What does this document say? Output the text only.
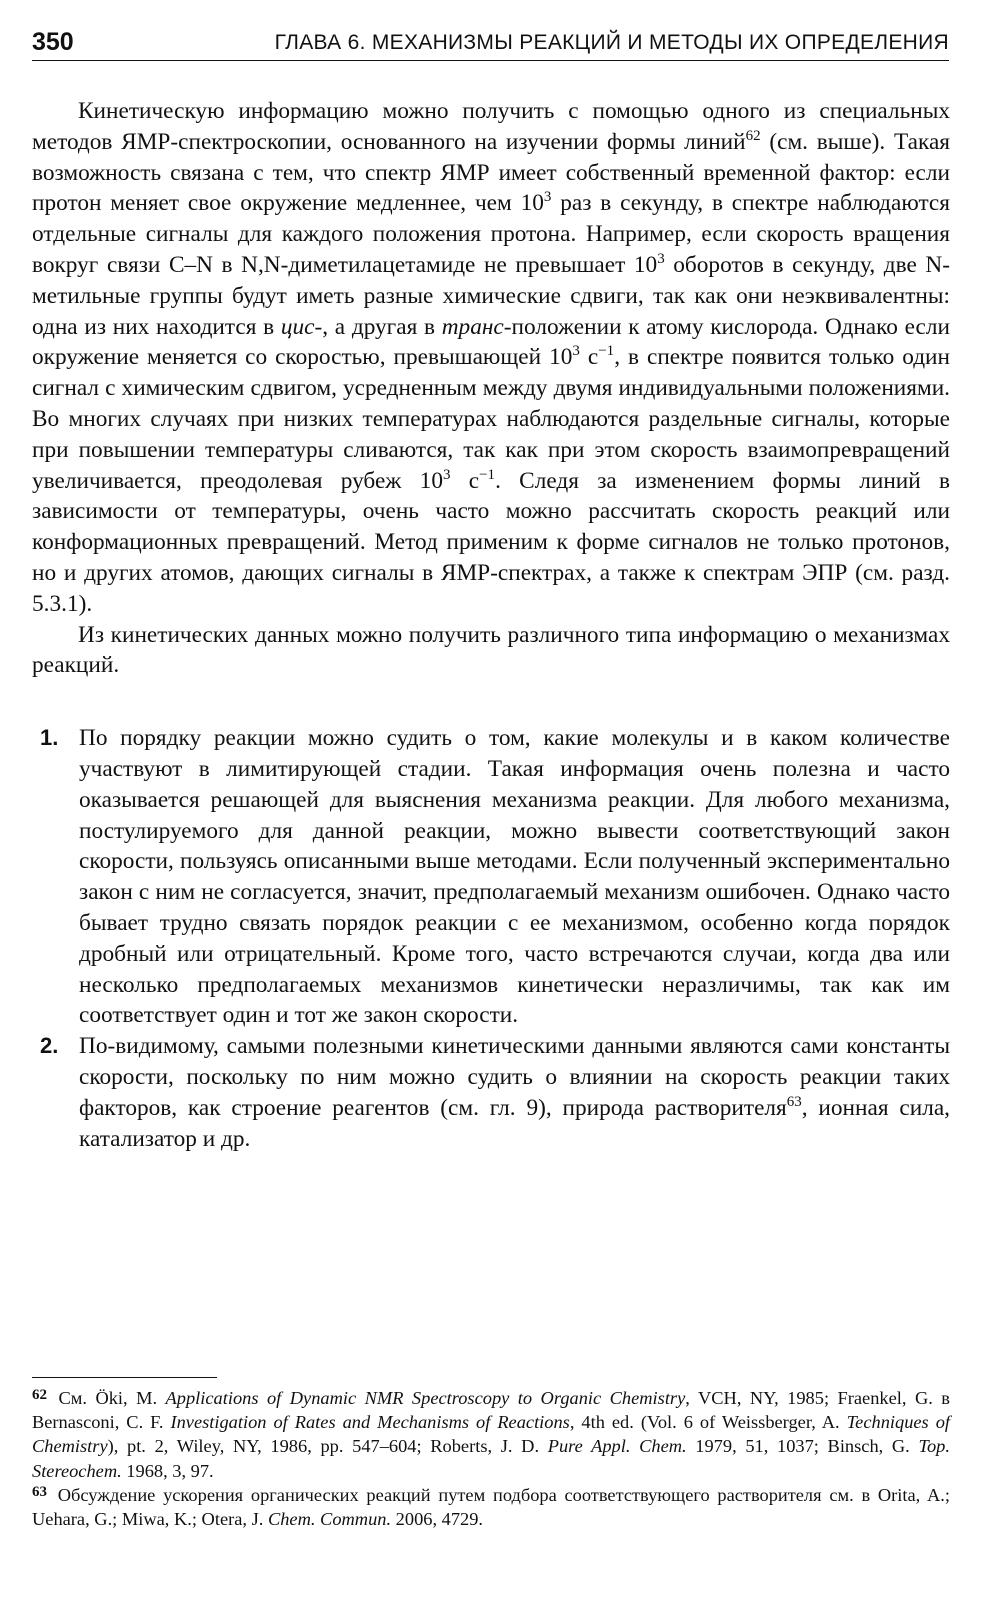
350	ГЛАВА 6. МЕХАНИЗМЫ РЕАКЦИЙ И МЕТОДЫ ИХ ОПРЕДЕЛЕНИЯ

Кинетическую информацию можно получить с помощью одного из специальных методов ЯМР-спектроскопии, основанного на изучении формы линий$^{62}$ (см. выше). Такая возможность связана с тем, что спектр ЯМР имеет собственный временной фактор: если протон меняет свое окружение медленнее, чем $10^3$ раз в секунду, в спектре наблюдаются отдельные сигналы для каждого положения протона. Например, если скорость вращения вокруг связи C–N в N,N-диметилацетамиде не превышает $10^3$ оборотов в секунду, две N-метильные группы будут иметь разные химические сдвиги, так как они неэквивалентны: одна из них находится в цис-, а другая в транс-положении к атому кислорода. Однако если окружение меняется со скоростью, превышающей $10^3$ $с^{-1}$, в спектре появится только один сигнал с химическим сдвигом, усредненным между двумя индивидуальными положениями. Во многих случаях при низких температурах наблюдаются раздельные сигналы, которые при повышении температуры сливаются, так как при этом скорость взаимопревращений увеличивается, преодолевая рубеж $10^3$ $с^{-1}$. Следя за изменением формы линий в зависимости от температуры, очень часто можно рассчитать скорость реакций или конформационных превращений. Метод применим к форме сигналов не только протонов, но и других атомов, дающих сигналы в ЯМР-спектрах, а также к спектрам ЭПР (см. разд. 5.3.1).

Из кинетических данных можно получить различного типа информацию о механизмах реакций.

1. По порядку реакции можно судить о том, какие молекулы и в каком количестве участвуют в лимитирующей стадии. Такая информация очень полезна и часто оказывается решающей для выяснения механизма реакции. Для любого механизма, постулируемого для данной реакции, можно вывести соответствующий закон скорости, пользуясь описанными выше методами. Если полученный экспериментально закон с ним не согласуется, значит, предполагаемый механизм ошибочен. Однако часто бывает трудно связать порядок реакции с ее механизмом, особенно когда порядок дробный или отрицательный. Кроме того, часто встречаются случаи, когда два или несколько предполагаемых механизмов кинетически неразличимы, так как им соответствует один и тот же закон скорости.
2. По-видимому, самыми полезными кинетическими данными являются сами константы скорости, поскольку по ним можно судить о влиянии на скорость реакции таких факторов, как строение реагентов (см. гл. 9), природа растворителя$^{63}$, ионная сила, катализатор и др.

$^{62}$ См. Öki, M. Applications of Dynamic NMR Spectroscopy to Organic Chemistry, VCH, NY, 1985; Fraenkel, G. в Bernasconi, C. F. Investigation of Rates and Mechanisms of Reactions, 4th ed. (Vol. 6 of Weissberger, A. Techniques of Chemistry), pt. 2, Wiley, NY, 1986, pp. 547–604; Roberts, J. D. Pure Appl. Chem. 1979, 51, 1037; Binsch, G. Top. Stereochem. 1968, 3, 97.

$^{63}$ Обсуждение ускорения органических реакций путем подбора соответствующего растворителя см. в Orita, A.; Uehara, G.; Miwa, K.; Otera, J. Chem. Commun. 2006, 4729.
